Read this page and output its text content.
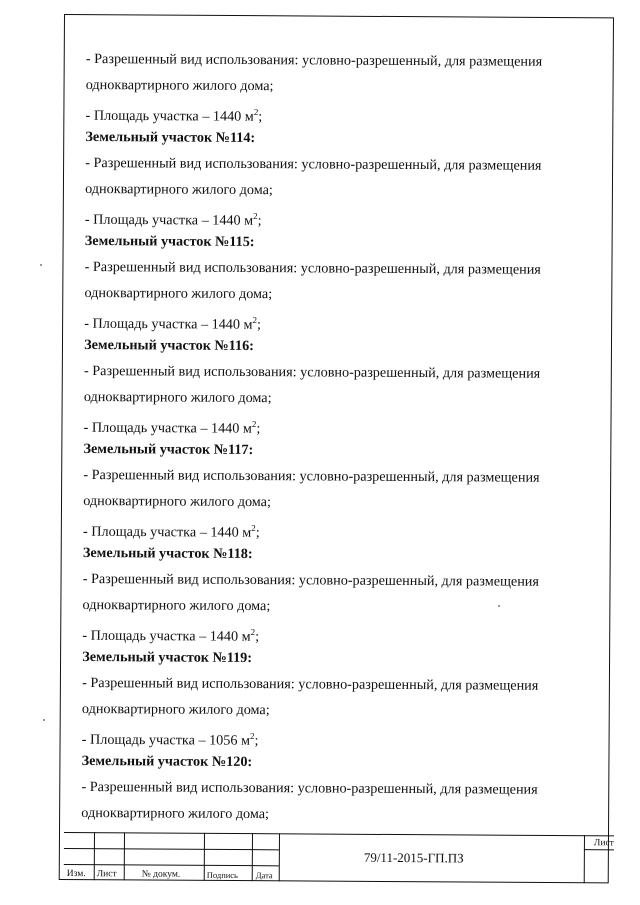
- Разрешенный вид использования: условно-разрешенный, для размещения
одноквартирного жилого дома;
- Площадь участка – 1440 $м^2$;
Земельный участок №114:
- Разрешенный вид использования: условно-разрешенный, для размещения
одноквартирного жилого дома;
- Площадь участка – 1440 $м^2$;
Земельный участок №115:
- Разрешенный вид использования: условно-разрешенный, для размещения
одноквартирного жилого дома;
- Площадь участка – 1440 $м^2$;
Земельный участок №116:
- Разрешенный вид использования: условно-разрешенный, для размещения
одноквартирного жилого дома;
- Площадь участка – 1440 $м^2$;
Земельный участок №117:
- Разрешенный вид использования: условно-разрешенный, для размещения
одноквартирного жилого дома;
- Площадь участка – 1440 $м^2$;
Земельный участок №118:
- Разрешенный вид использования: условно-разрешенный, для размещения
одноквартирного жилого дома;
- Площадь участка – 1440 $м^2$;
Земельный участок №119:
- Разрешенный вид использования: условно-разрешенный, для размещения
одноквартирного жилого дома;
- Площадь участка – 1056 $м^2$;
Земельный участок №120:
- Разрешенный вид использования: условно-разрешенный, для размещения
одноквартирного жилого дома;
Изм. Лист	№ докум.	Подпись Дата
Лист
79/11-2015-ГП.ПЗ
